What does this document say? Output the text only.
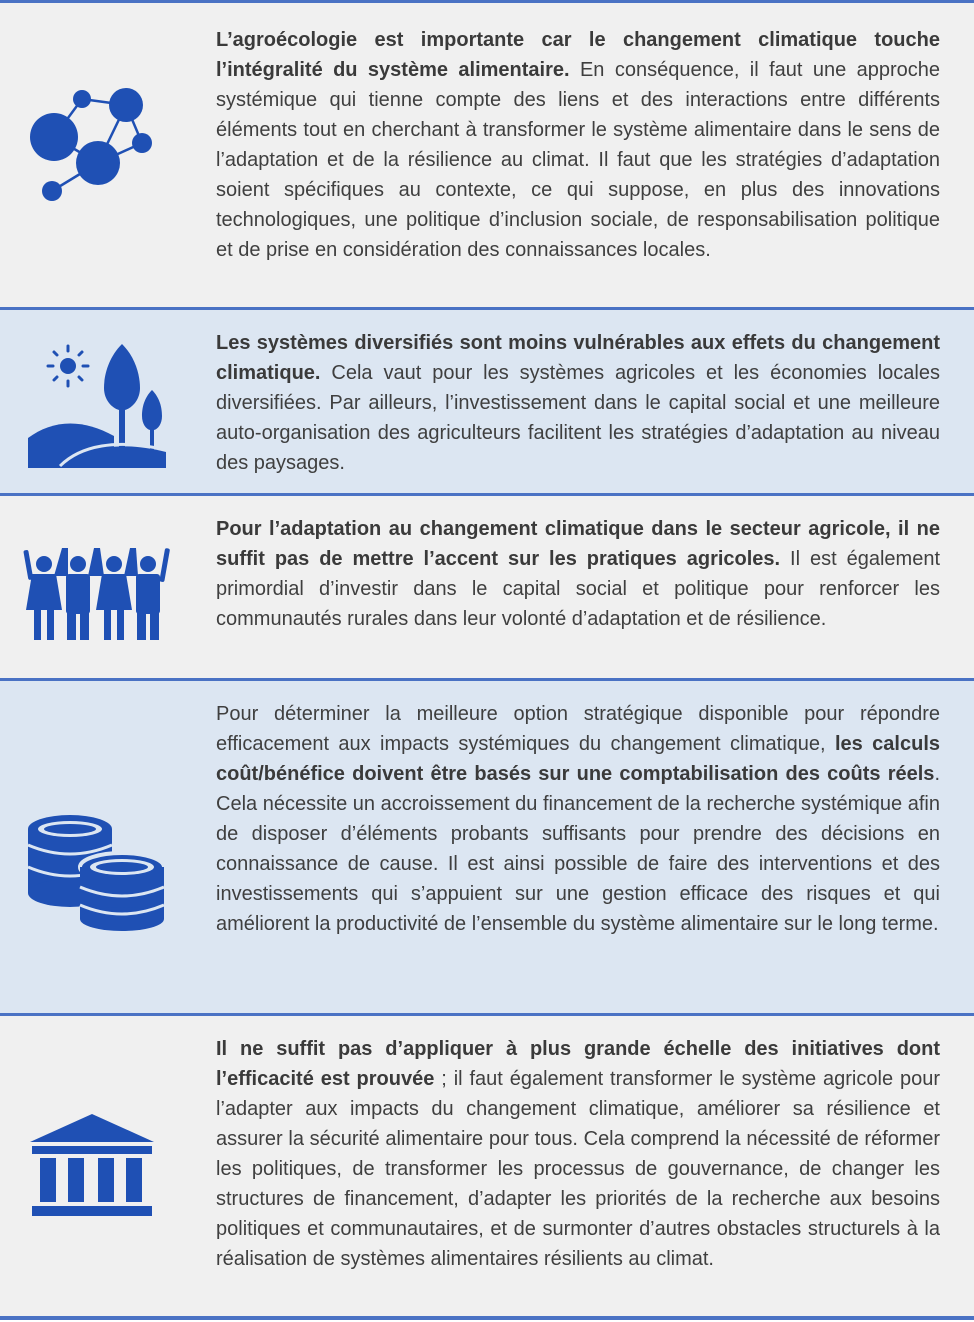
L’agroécologie est importante car le changement climatique touche l’intégralité du système alimentaire. En conséquence, il faut une approche systémique qui tienne compte des liens et des interactions entre différents éléments tout en cherchant à transformer le système alimentaire dans le sens de l’adaptation et de la résilience au climat. Il faut que les stratégies d’adaptation soient spécifiques au contexte, ce qui suppose, en plus des innovations technologiques, une politique d’inclusion sociale, de responsabilisation politique et de prise en considération des connaissances locales.

Les systèmes diversifiés sont moins vulnérables aux effets du changement climatique. Cela vaut pour les systèmes agricoles et les économies locales diversifiées. Par ailleurs, l’investissement dans le capital social et une meilleure auto-organisation des agriculteurs facilitent les stratégies d’adaptation au niveau des paysages.

Pour l’adaptation au changement climatique dans le secteur agricole, il ne suffit pas de mettre l’accent sur les pratiques agricoles. Il est également primordial d’investir dans le capital social et politique pour renforcer les communautés rurales dans leur volonté d’adaptation et de résilience.

Pour déterminer la meilleure option stratégique disponible pour répondre efficacement aux impacts systémiques du changement climatique, les calculs coût/bénéfice doivent être basés sur une comptabilisation des coûts réels. Cela nécessite un accroissement du financement de la recherche systémique afin de disposer d’éléments probants suffisants pour prendre des décisions en connaissance de cause. Il est ainsi possible de faire des interventions et des investissements qui s’appuient sur une gestion efficace des risques et qui améliorent la productivité de l’ensemble du système alimentaire sur le long terme.

Il ne suffit pas d’appliquer à plus grande échelle des initiatives dont l’efficacité est prouvée ; il faut également transformer le système agricole pour l’adapter aux impacts du changement climatique, améliorer sa résilience et assurer la sécurité alimentaire pour tous. Cela comprend la nécessité de réformer les politiques, de transformer les processus de gouvernance, de changer les structures de financement, d’adapter les priorités de la recherche aux besoins politiques et communautaires, et de surmonter d’autres obstacles structurels à la réalisation de systèmes alimentaires résilients au climat.
